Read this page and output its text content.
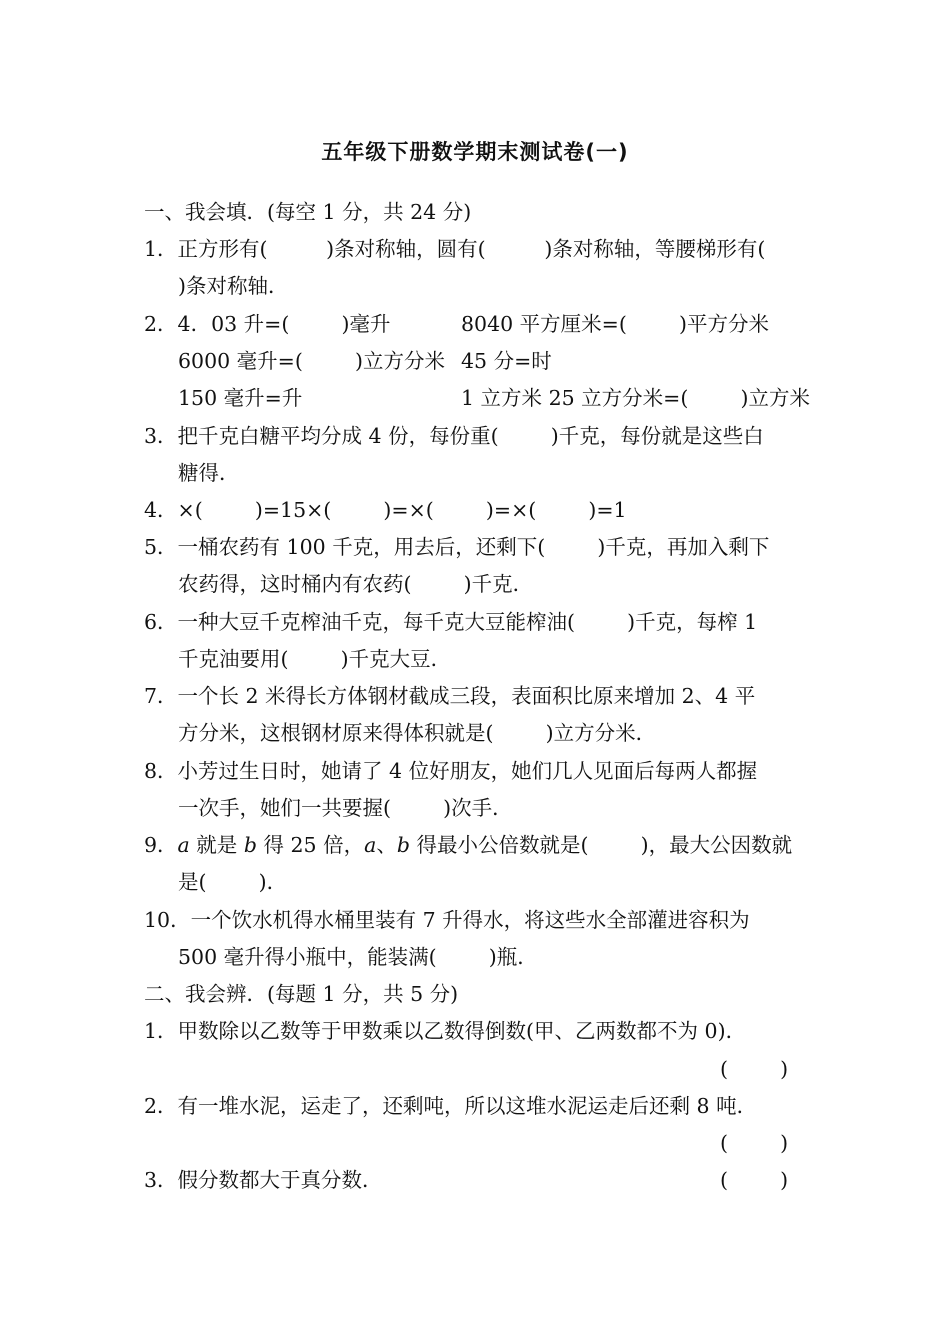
五年级下册数学期末测试卷(一)
一、我会填．(每空 1 分，共 24 分)
1．正方形有(         )条对称轴，圆有(         )条对称轴，等腰梯形有(
)条对称轴．
2．4．03 升=(        )毫升	8040 平方厘米=(        )平方分米
6000 毫升=(        )立方分米 45 分=时
150 毫升=升	1 立方米 25 立方分米=(        )立方米
3．把千克白糖平均分成 4 份，每份重(        )千克，每份就是这些白
糖得．
4．×(        )=15×(        )=×(        )=×(        )=1
5．一桶农药有 100 千克，用去后，还剩下(        )千克，再加入剩下
农药得，这时桶内有农药(        )千克．
6．一种大豆千克榨油千克，每千克大豆能榨油(        )千克，每榨 1
千克油要用(        )千克大豆．
7．一个长 2 米得长方体钢材截成三段，表面积比原来增加 2、4 平
方分米，这根钢材原来得体积就是(        )立方分米．
8．小芳过生日时，她请了 4 位好朋友，她们几人见面后每两人都握
一次手，她们一共要握(        )次手．
9．a 就是 b 得 25 倍，a、b 得最小公倍数就是(        )，最大公因数就
是(        )．
10．一个饮水机得水桶里装有 7 升得水，将这些水全部灌进容积为
500 毫升得小瓶中，能装满(        )瓶．
二、我会辨．(每题 1 分，共 5 分)
1．甲数除以乙数等于甲数乘以乙数得倒数(甲、乙两数都不为 0)．
(        )
2．有一堆水泥，运走了，还剩吨，所以这堆水泥运走后还剩 8 吨．
(        )
3．假分数都大于真分数．	(        )
